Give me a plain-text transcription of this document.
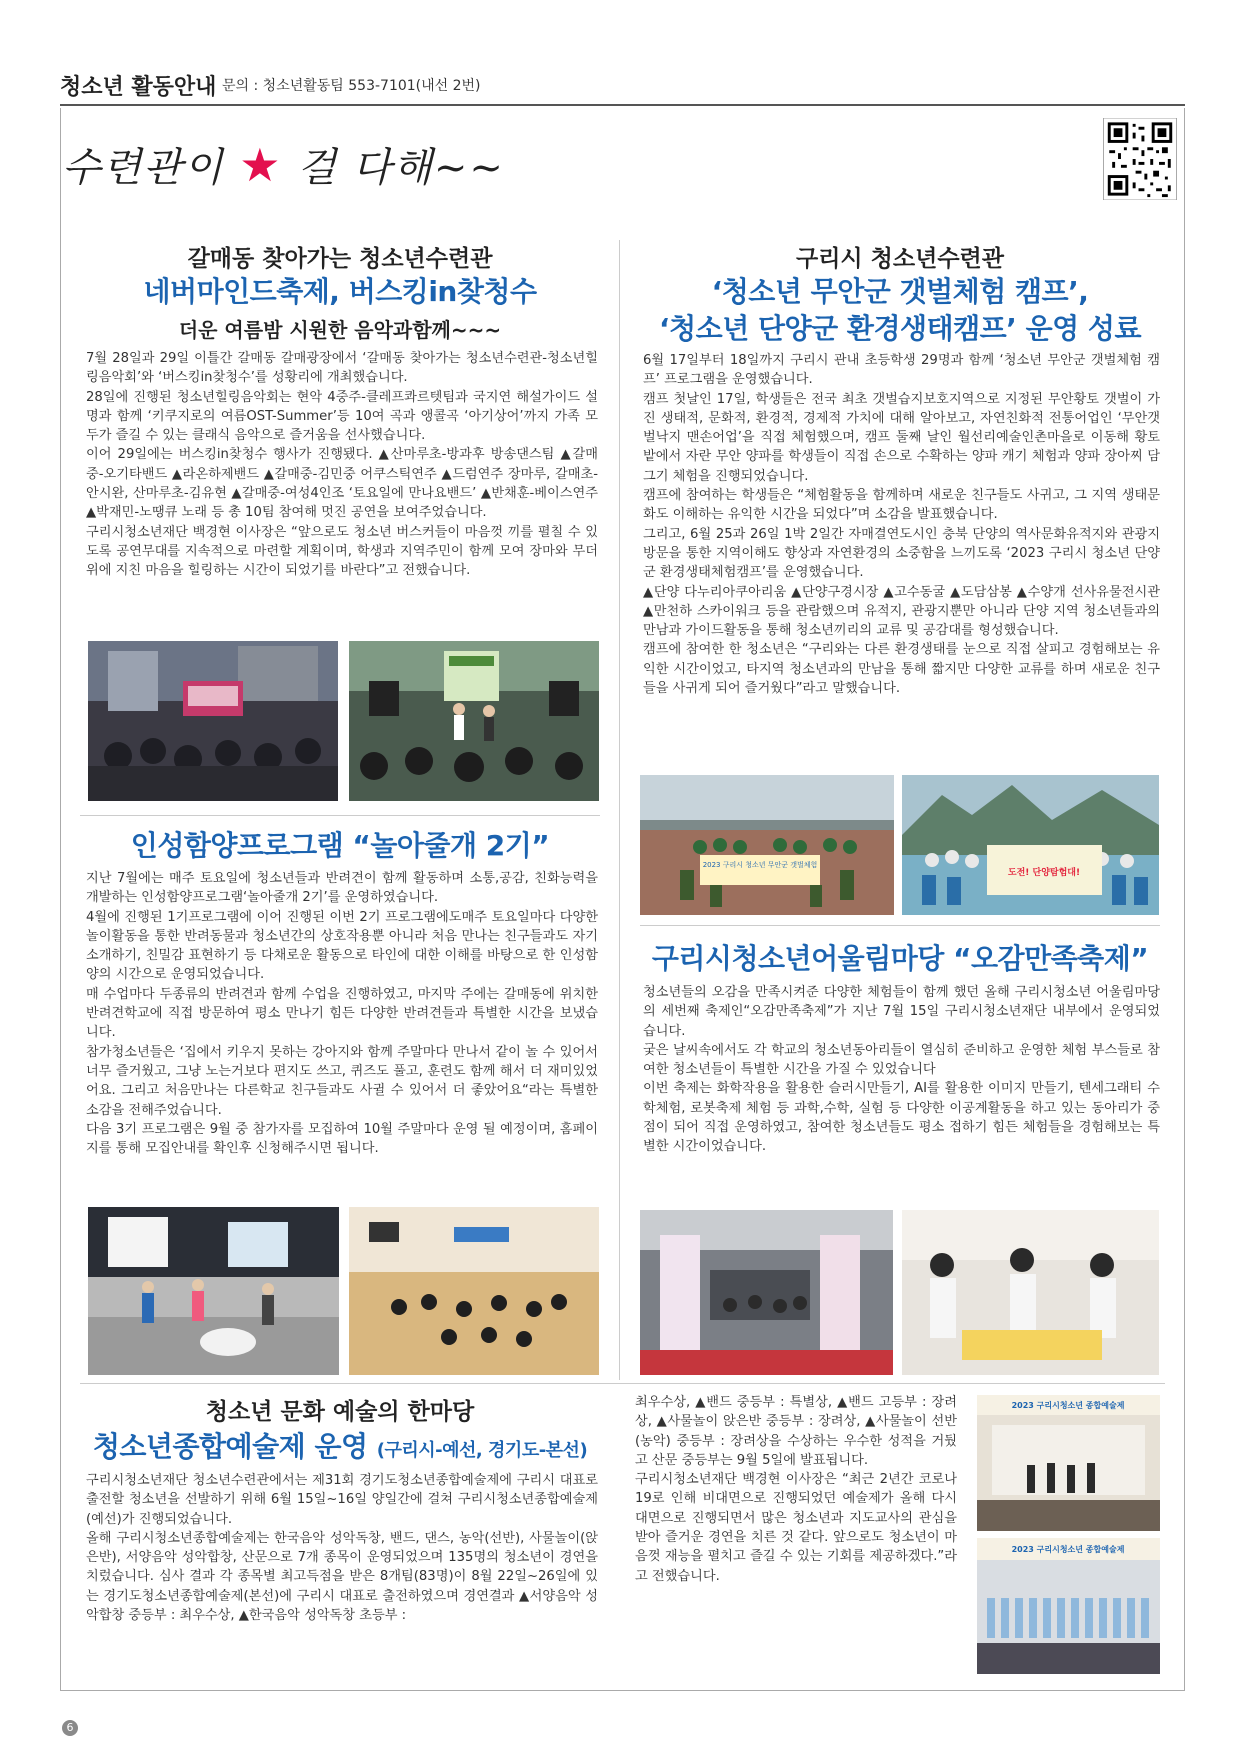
청소년 활동안내 문의 : 청소년활동팀 553-7101(내선 2번)
수련관이 ★ 걸 다해~~
갈매동 찾아가는 청소년수련관
네버마인드축제, 버스킹in찾청수
더운 여름밤 시원한 음악과함께~~~

7월 28일과 29일 이틀간 갈매동 갈매광장에서 ‘갈매동 찾아가는 청소년수련관-청소년힐링음악회’와 ‘버스킹in찾청수’를 성황리에 개최했습니다.

28일에 진행된 청소년힐링음악회는 현악 4중주-클레프콰르텟팀과 국지연 해설가이드 설명과 함께 ‘키쿠지로의 여름OST-Summer’등 10여 곡과 앵콜곡 ‘아기상어’까지 가족 모두가 즐길 수 있는 클래식 음악으로 즐거움을 선사했습니다.

이어 29일에는 버스킹in찾청수 행사가 진행됐다. ▲산마루초-방과후 방송댄스팀 ▲갈매중-오기타밴드 ▲라온하제밴드 ▲갈매중-김민중 어쿠스틱연주 ▲드럼연주 장마루, 갈매초-안시완, 산마루초-김유현 ▲갈매중-여성4인조 ‘토요일에 만나요밴드’ ▲반채훈-베이스연주 ▲박재민-노땡큐 노래 등 총 10팀 참여해 멋진 공연을 보여주었습니다.

구리시청소년재단 백경현 이사장은 “앞으로도 청소년 버스커들이 마음껏 끼를 펼칠 수 있도록 공연무대를 지속적으로 마련할 계획이며, 학생과 지역주민이 함께 모여 장마와 무더위에 지친 마음을 힐링하는 시간이 되었기를 바란다”고 전했습니다.

구리시 청소년수련관
‘청소년 무안군 갯벌체험 캠프’,
‘청소년 단양군 환경생태캠프’ 운영 성료

6월 17일부터 18일까지 구리시 관내 초등학생 29명과 함께 ‘청소년 무안군 갯벌체험 캠프’ 프로그램을 운영했습니다.

캠프 첫날인 17일, 학생들은 전국 최초 갯벌습지보호지역으로 지정된 무안황토 갯벌이 가진 생태적, 문화적, 환경적, 경제적 가치에 대해 알아보고, 자연친화적 전통어업인 ‘무안갯벌낙지 맨손어업’을 직접 체험했으며, 캠프 둘째 날인 월선리예술인촌마을로 이동해 황토밭에서 자란 무안 양파를 학생들이 직접 손으로 수확하는 양파 캐기 체험과 양파 장아찌 담그기 체험을 진행되었습니다.

캠프에 참여하는 학생들은 “체험활동을 함께하며 새로운 친구들도 사귀고, 그 지역 생태문화도 이해하는 유익한 시간을 되었다”며 소감을 발표했습니다.

그리고, 6월 25과 26일 1박 2일간 자매결연도시인 충북 단양의 역사문화유적지와 관광지 방문을 통한 지역이해도 향상과 자연환경의 소중함을 느끼도록 ‘2023 구리시 청소년 단양군 환경생태체험캠프’를 운영했습니다.

▲단양 다누리아쿠아리움 ▲단양구경시장 ▲고수동굴 ▲도담삼봉 ▲수양개 선사유물전시관 ▲만천하 스카이워크 등을 관람했으며 유적지, 관광지뿐만 아니라 단양 지역 청소년들과의 만남과 가이드활동을 통해 청소년끼리의 교류 및 공감대를 형성했습니다.

캠프에 참여한 한 청소년은 “구리와는 다른 환경생태를 눈으로 직접 살피고 경험해보는 유익한 시간이었고, 타지역 청소년과의 만남을 통해 짧지만 다양한 교류를 하며 새로운 친구들을 사귀게 되어 즐거웠다”라고 말했습니다.

2023 구리시 청소년 무안군 갯벌체험
도전! 단양탐험대!
인성함양프로그램 “놀아줄개 2기”

지난 7월에는 매주 토요일에 청소년들과 반려견이 함께 활동하며 소통,공감, 친화능력을 개발하는 인성함양프로그램‘놀아줄개 2기’를 운영하였습니다.

4월에 진행된 1기프로그램에 이어 진행된 이번 2기 프로그램에도매주 토요일마다 다양한 놀이활동을 통한 반려동물과 청소년간의 상호작용뿐 아니라 처음 만나는 친구들과도 자기소개하기, 친밀감 표현하기 등 다채로운 활동으로 타인에 대한 이해를 바탕으로 한 인성함양의 시간으로 운영되었습니다.

매 수업마다 두종류의 반려견과 함께 수업을 진행하였고, 마지막 주에는 갈매동에 위치한 반려견학교에 직접 방문하여 평소 만나기 힘든 다양한 반려견들과 특별한 시간을 보냈습니다.

참가청소년들은 ‘집에서 키우지 못하는 강아지와 함께 주말마다 만나서 같이 놀 수 있어서 너무 즐거웠고, 그냥 노는거보다 편지도 쓰고, 퀴즈도 풀고, 훈련도 함께 해서 더 재미있었어요. 그리고 처음만나는 다른학교 친구들과도 사귈 수 있어서 더 좋았어요“라는 특별한 소감을 전해주었습니다.

다음 3기 프로그램은 9월 중 참가자를 모집하여 10월 주말마다 운영 될 예정이며, 홈페이지를 통해 모집안내를 확인후 신청해주시면 됩니다.

구리시청소년어울림마당 “오감만족축제”

청소년들의 오감을 만족시켜준 다양한 체험들이 함께 했던 올해 구리시청소년 어울림마당의 세번째 축제인“오감만족축제”가 지난 7월 15일 구리시청소년재단 내부에서 운영되었습니다.

궂은 날씨속에서도 각 학교의 청소년동아리들이 열심히 준비하고 운영한 체험 부스들로 참여한 청소년들이 특별한 시간을 가질 수 있었습니다

이번 축제는 화학작용을 활용한 슬러시만들기, AI를 활용한 이미지 만들기, 텐세그래티 수학체험, 로봇축제 체험 등 과학,수학, 실험 등 다양한 이공계활동을 하고 있는 동아리가 중점이 되어 직접 운영하였고, 참여한 청소년들도 평소 접하기 힘든 체험들을 경험해보는 특별한 시간이었습니다.

청소년 문화 예술의 한마당
청소년종합예술제 운영 (구리시-예선, 경기도-본선)

구리시청소년재단 청소년수련관에서는 제31회 경기도청소년종합예술제에 구리시 대표로 출전할 청소년을 선발하기 위해 6월 15일~16일 양일간에 걸쳐 구리시청소년종합예술제(예선)가 진행되었습니다.

올해 구리시청소년종합예술제는 한국음악 성악독창, 밴드, 댄스, 농악(선반), 사물놀이(앉은반), 서양음악 성악합창, 산문으로 7개 종목이 운영되었으며 135명의 청소년이 경연을 치렀습니다. 심사 결과 각 종목별 최고득점을 받은 8개팀(83명)이 8월 22일~26일에 있는 경기도청소년종합예술제(본선)에 구리시 대표로 출전하였으며 경연결과 ▲서양음악 성악합창 중등부 : 최우수상, ▲한국음악 성악독창 초등부 :

최우수상, ▲밴드 중등부 : 특별상, ▲밴드 고등부 : 장려상, ▲사물놀이 앉은반 중등부 : 장려상, ▲사물놀이 선반(농악) 중등부 : 장려상을 수상하는 우수한 성적을 거뒀고 산문 중등부는 9월 5일에 발표됩니다.

구리시청소년재단 백경현 이사장은 “최근 2년간 코로나19로 인해 비대면으로 진행되었던 예술제가 올해 다시 대면으로 진행되면서 많은 청소년과 지도교사의 관심을 받아 즐거운 경연을 치른 것 같다. 앞으로도 청소년이 마음껏 재능을 펼치고 즐길 수 있는 기회를 제공하겠다.”라고 전했습니다.

2023 구리시청소년 종합예술제
2023 구리시청소년 종합예술제
6
